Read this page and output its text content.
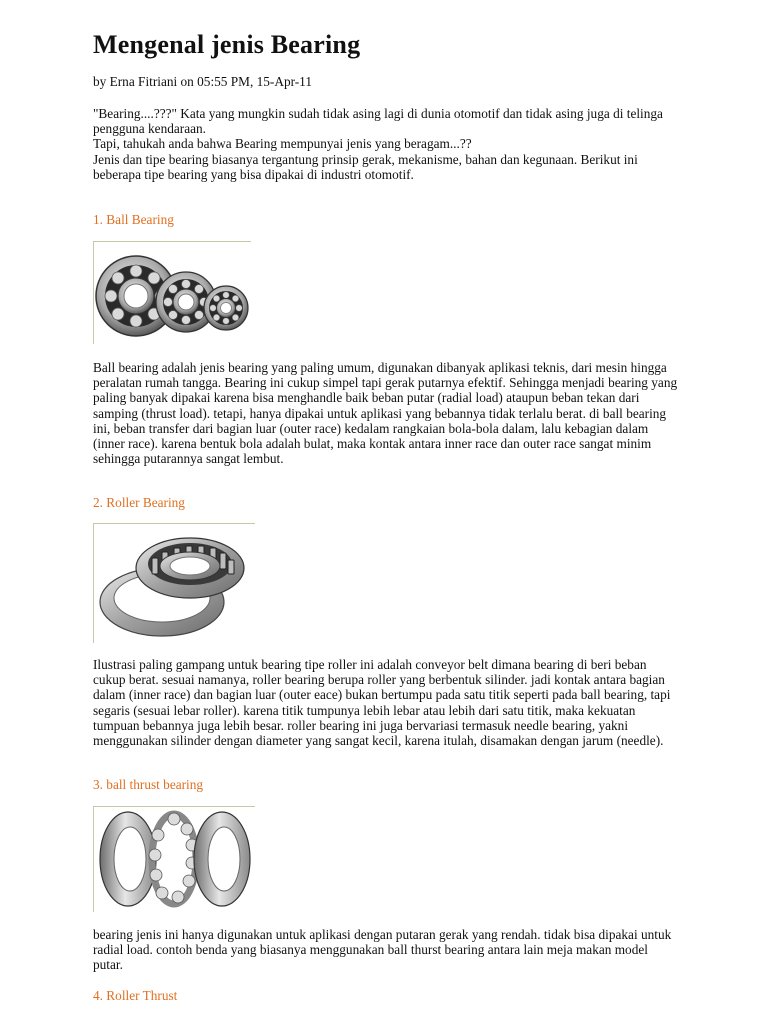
Mengenal jenis Bearing
by Erna Fitriani on 05:55 PM, 15-Apr-11

"Bearing....???" Kata yang mungkin sudah tidak asing lagi di dunia otomotif dan tidak asing juga di telinga pengguna kendaraan.

Tapi, tahukah anda bahwa Bearing mempunyai jenis yang beragam...??

Jenis dan tipe bearing biasanya tergantung prinsip gerak, mekanisme, bahan dan kegunaan. Berikut ini beberapa tipe bearing yang bisa dipakai di industri otomotif.

1. Ball Bearing
Ball bearing adalah jenis bearing yang paling umum, digunakan dibanyak aplikasi teknis, dari mesin hingga peralatan rumah tangga. Bearing ini cukup simpel tapi gerak putarnya efektif. Sehingga menjadi bearing yang paling banyak dipakai karena bisa menghandle baik beban putar (radial load) ataupun beban tekan dari samping (thrust load). tetapi, hanya dipakai untuk aplikasi yang bebannya tidak terlalu berat. di ball bearing ini, beban transfer dari bagian luar (outer race) kedalam rangkaian bola-bola dalam, lalu kebagian dalam (inner race). karena bentuk bola adalah bulat, maka kontak antara inner race dan outer race sangat minim sehingga putarannya sangat lembut.
2. Roller Bearing
Ilustrasi paling gampang untuk bearing tipe roller ini adalah conveyor belt dimana bearing di beri beban cukup berat. sesuai namanya, roller bearing berupa roller yang berbentuk silinder. jadi kontak antara bagian dalam (inner race) dan bagian luar (outer eace) bukan bertumpu pada satu titik seperti pada ball bearing, tapi segaris (sesuai lebar roller). karena titik tumpunya lebih lebar atau lebih dari satu titik, maka kekuatan tumpuan bebannya juga lebih besar. roller bearing ini juga bervariasi termasuk needle bearing, yakni menggunakan silinder dengan diameter yang sangat kecil, karena itulah, disamakan dengan jarum (needle).
3. ball thrust bearing
bearing jenis ini hanya digunakan untuk aplikasi dengan putaran gerak yang rendah. tidak bisa dipakai untuk radial load. contoh benda yang biasanya menggunakan ball thurst bearing antara lain meja makan model putar.
4. Roller Thrust
